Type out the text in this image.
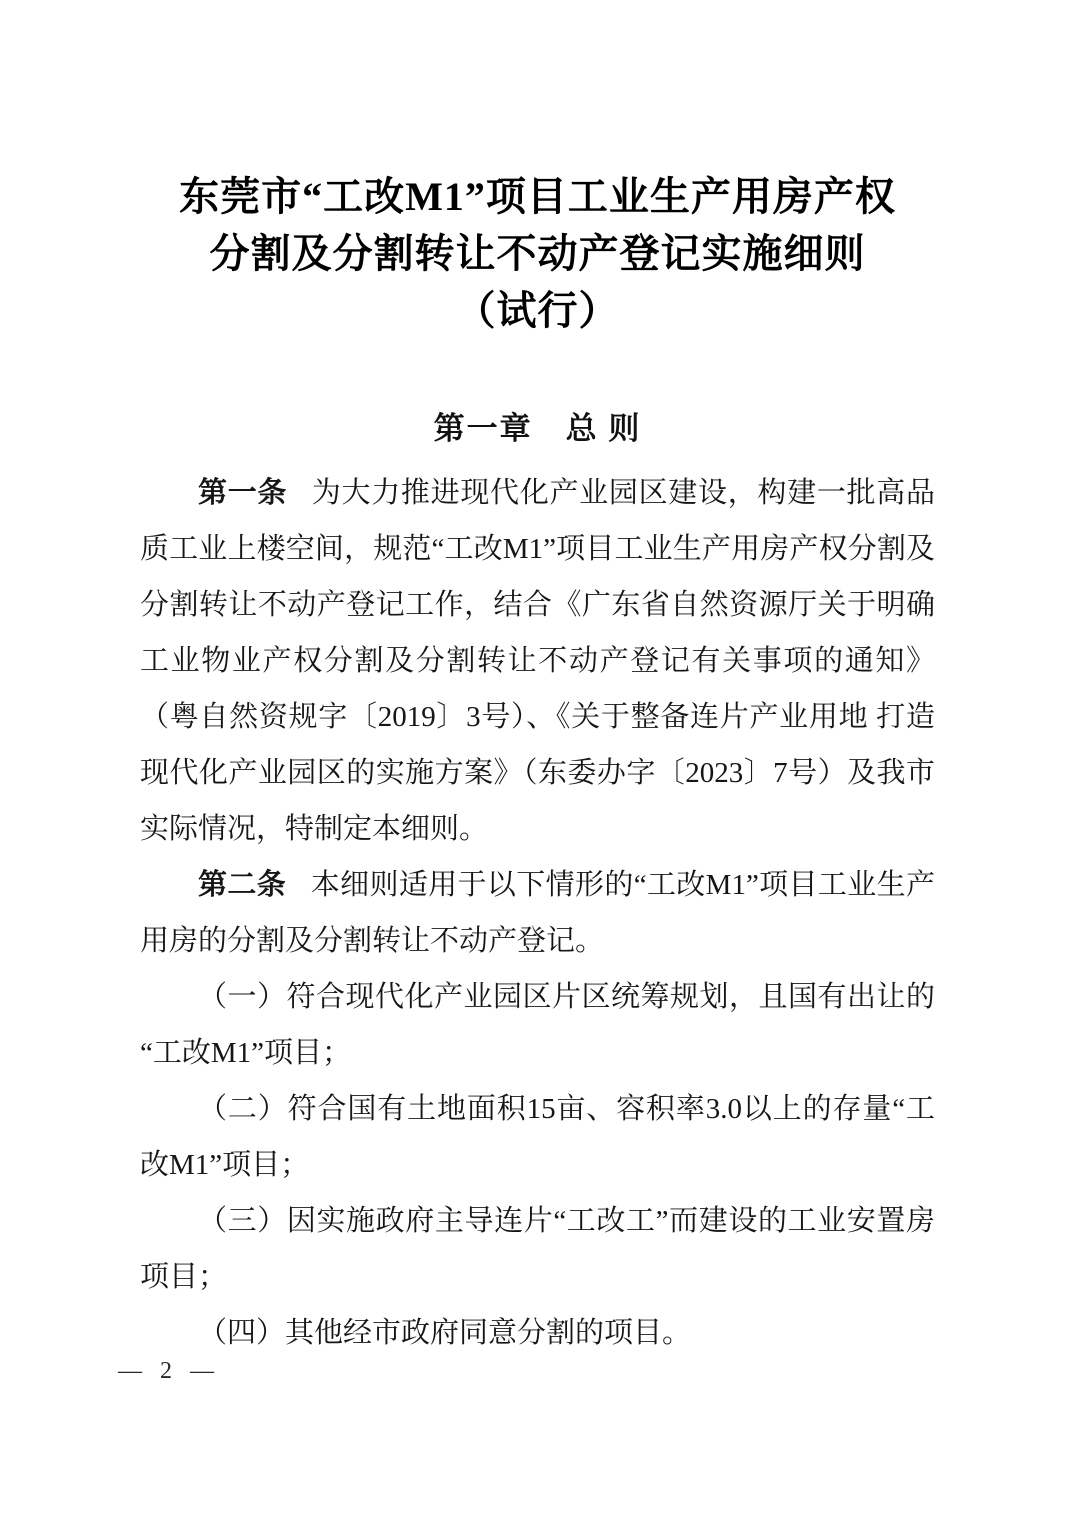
东莞市“工改M1”项目工业生产用房产权
分割及分割转让不动产登记实施细则
（试行）
第一章　总 则

第一条 为大力推进现代化产业园区建设，构建一批高品质工业上楼空间，规范“工改M1”项目工业生产用房产权分割及分割转让不动产登记工作，结合《广东省自然资源厅关于明确工业物业产权分割及分割转让不动产登记有关事项的通知》（粤自然资规字〔2019〕3号）、《关于整备连片产业用地 打造现代化产业园区的实施方案》（东委办字〔2023〕7号）及我市实际情况，特制定本细则。

第二条 本细则适用于以下情形的“工改M1”项目工业生产用房的分割及分割转让不动产登记。

（一）符合现代化产业园区片区统筹规划，且国有出让的“工改M1”项目；

（二）符合国有土地面积15亩、容积率3.0以上的存量“工改M1”项目；

（三）因实施政府主导连片“工改工”而建设的工业安置房项目；

（四）其他经市政府同意分割的项目。

— 2 —
